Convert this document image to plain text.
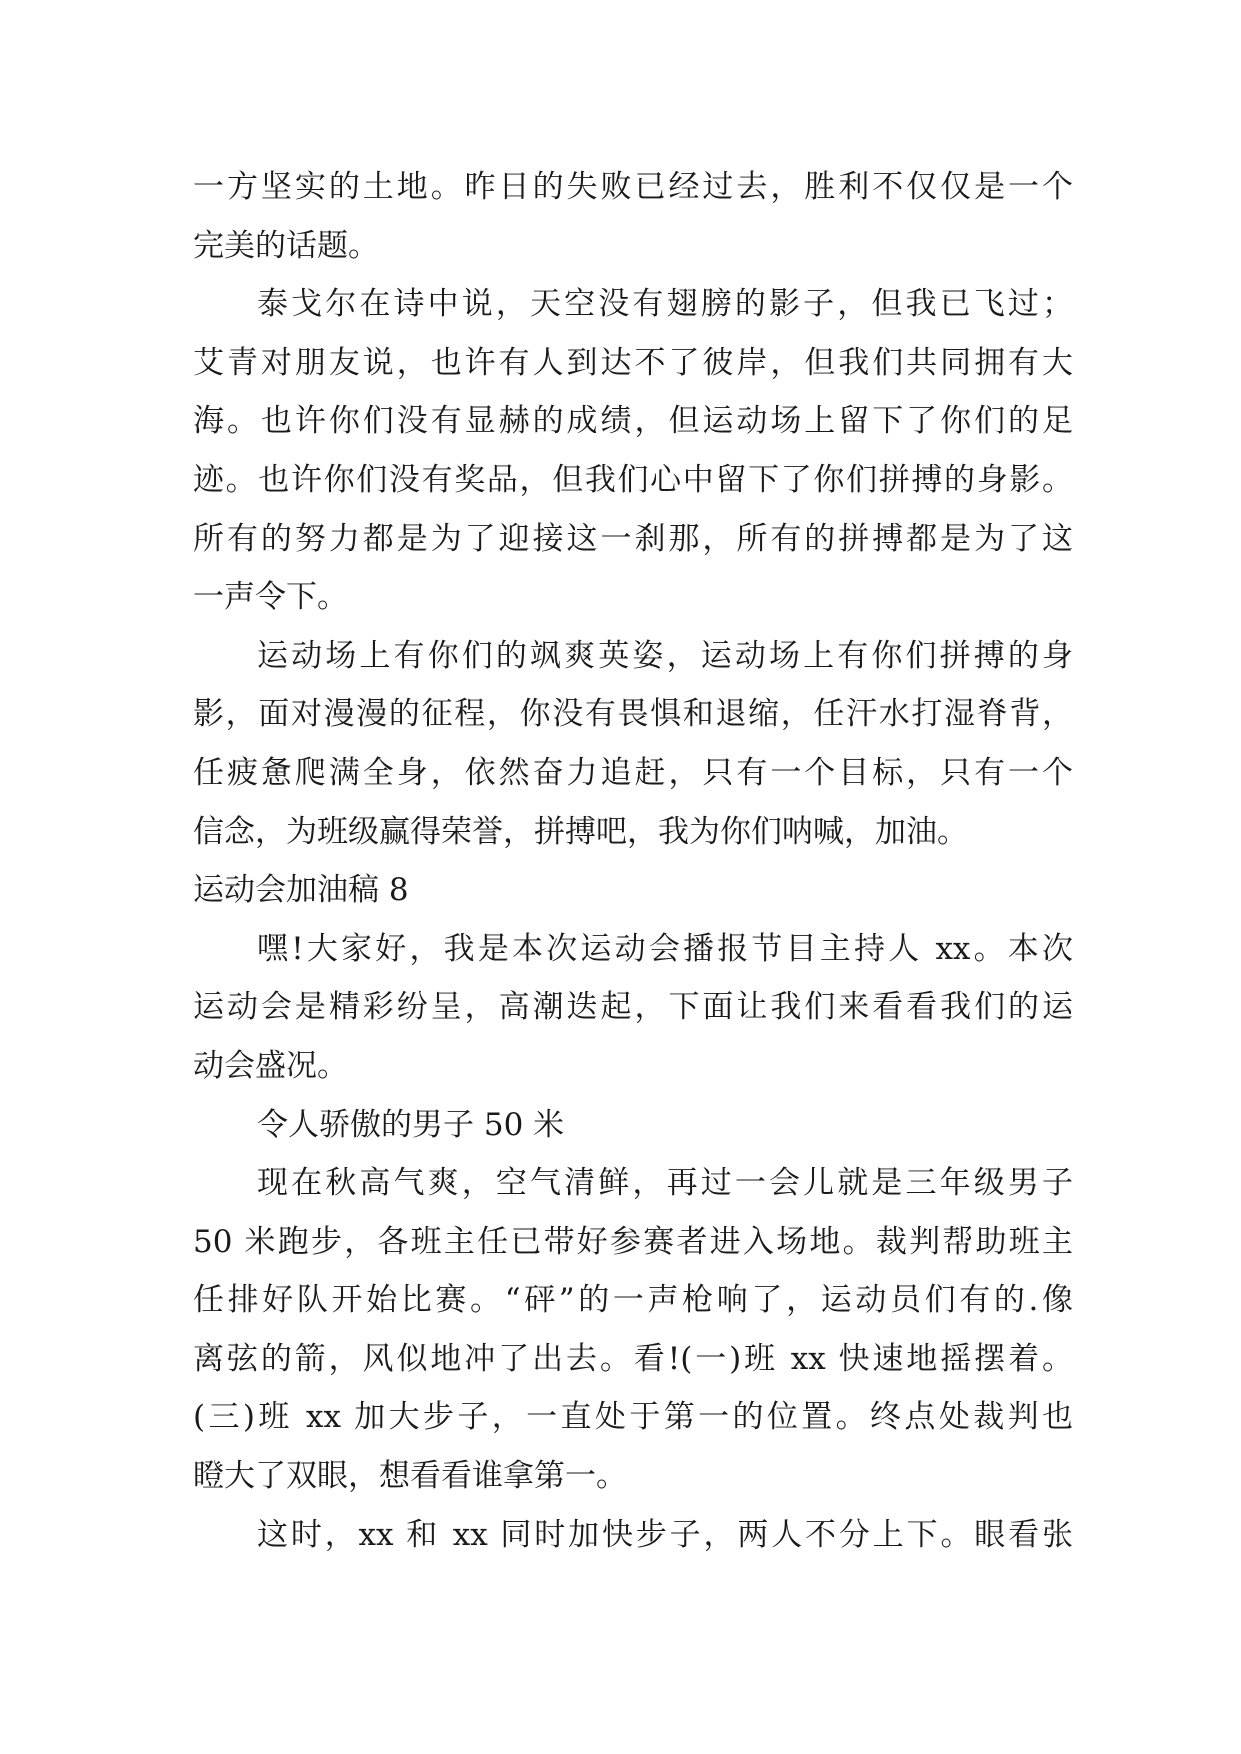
一方坚实的土地。昨日的失败已经过去，胜利不仅仅是一个
完美的话题。
泰戈尔在诗中说，天空没有翅膀的影子，但我已飞过；
艾青对朋友说，也许有人到达不了彼岸，但我们共同拥有大
海。也许你们没有显赫的成绩，但运动场上留下了你们的足
迹。也许你们没有奖品，但我们心中留下了你们拼搏的身影。
所有的努力都是为了迎接这一刹那，所有的拼搏都是为了这
一声令下。
运动场上有你们的飒爽英姿，运动场上有你们拼搏的身
影，面对漫漫的征程，你没有畏惧和退缩，任汗水打湿脊背，
任疲惫爬满全身，依然奋力追赶，只有一个目标，只有一个
信念，为班级赢得荣誉，拼搏吧，我为你们呐喊，加油。
运动会加油稿 8
嘿!大家好，我是本次运动会播报节目主持人 xx。本次
运动会是精彩纷呈，高潮迭起，下面让我们来看看我们的运
动会盛况。
令人骄傲的男子 50 米
现在秋高气爽，空气清鲜，再过一会儿就是三年级男子
50 米跑步，各班主任已带好参赛者进入场地。裁判帮助班主
任排好队开始比赛。“砰”的一声枪响了，运动员们有的.像
离弦的箭，风似地冲了出去。看!(一)班 xx 快速地摇摆着。
(三)班 xx 加大步子，一直处于第一的位置。终点处裁判也
瞪大了双眼，想看看谁拿第一。
这时，xx 和 xx 同时加快步子，两人不分上下。眼看张
